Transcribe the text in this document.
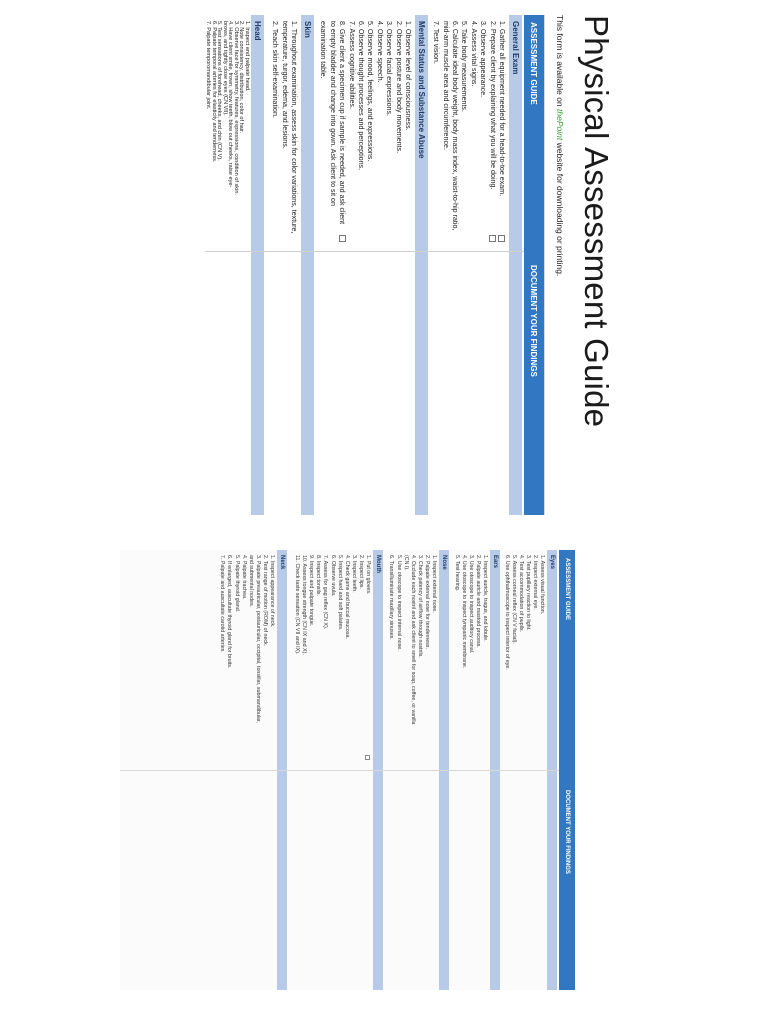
Physical Assessment Guide
This form is available on thePoint website for downloading or printing.
ASSESSMENT GUIDE
DOCUMENT YOUR FINDINGS
General Exam
1. Gather all equipment needed for a head-to-toe exam.
2. Prepare client by explaining what you will be doing.
3. Observe appearance.
4. Assess vital signs.
5. Take body measurements.
6. Calculate ideal body weight, body mass index, waist-to-hip ratio,
mid-arm muscle area and circumference.
7. Test vision.
Mental Status and Substance Abuse
1. Observe level of consciousness.
2. Observe posture and body movements.
3. Observe facial expressions.
4. Observe speech.
5. Observe mood, feelings, and expressions.
6. Observe thought processes and perceptions.
7. Assess cognitive abilities.
8. Give client a specimen cup if sample is needed, and ask client
to empty bladder and change into gown. Ask client to sit on
examination table.
Skin
1. Throughout examination, assess skin for color variations, texture,
temperature, turgor, edema, and lesions.
2. Teach skin self-examination.
Head
1. Inspect and palpate head.
2. Note consistency, distribution, color of hair.
3. Observe face for symmetry, features, expressions, condition of skin.
4. Have client smile, frown, show teeth, blow out cheeks, raise eye-
brows, and tightly close eyes (CN VII).
5. Test sensations of forehead, cheeks, and chin (CN V).
6. Palpate temporal arteries for elasticity and tenderness.
7. Palpate temporomandibular joint.
ASSESSMENT GUIDE
DOCUMENT YOUR FINDINGS
Eyes
1. Assess visual function.
2. Inspect external eye.
3. Test pupillary reaction to light.
4. Test accommodation of pupils.
5. Assess corneal reflex (CN V facial).
6. Use ophthalmoscope to inspect interior of eye.
Ears
1. Inspect auricle, tragus, and lobule.
2. Palpate auricle and mastoid process.
3. Use otoscope to inspect auditory canal.
4. Use otoscope to inspect tympanic membrane.
5. Test hearing.
Nose
1. Inspect external nose.
2. Palpate external nose for tenderness.
3. Check patency of airflow through nostrils.
4. Occlude each nostril and ask client to smell for soap, coffee, or vanilla
(CN I).
5. Use otoscope to inspect internal nose.
6. Transilluminate maxillary sinuses.
Mouth
1. Put on gloves.
2. Inspect lips.
3. Inspect teeth.
4. Check gums and buccal mucosa.
5. Inspect hard and soft palates.
6. Observe uvula.
7. Assess for gag reflex (CN X).
8. Inspect tonsils.
9. Inspect and palpate tongue.
10. Assess tongue strength (CN IX and X).
11. Check taste sensation (CN VII and IX).
Neck
1. Inspect appearance of neck.
2. Test range of motion (ROM) of neck.
3. Palpate preauricular, postauricular, occipital, tonsillar, submandibular,
and submental nodes.
4. Palpate trachea.
5. Palpate thyroid gland.
6. If enlarged, auscultate thyroid gland for bruits.
7. Palpate and auscultate carotid arteries.
